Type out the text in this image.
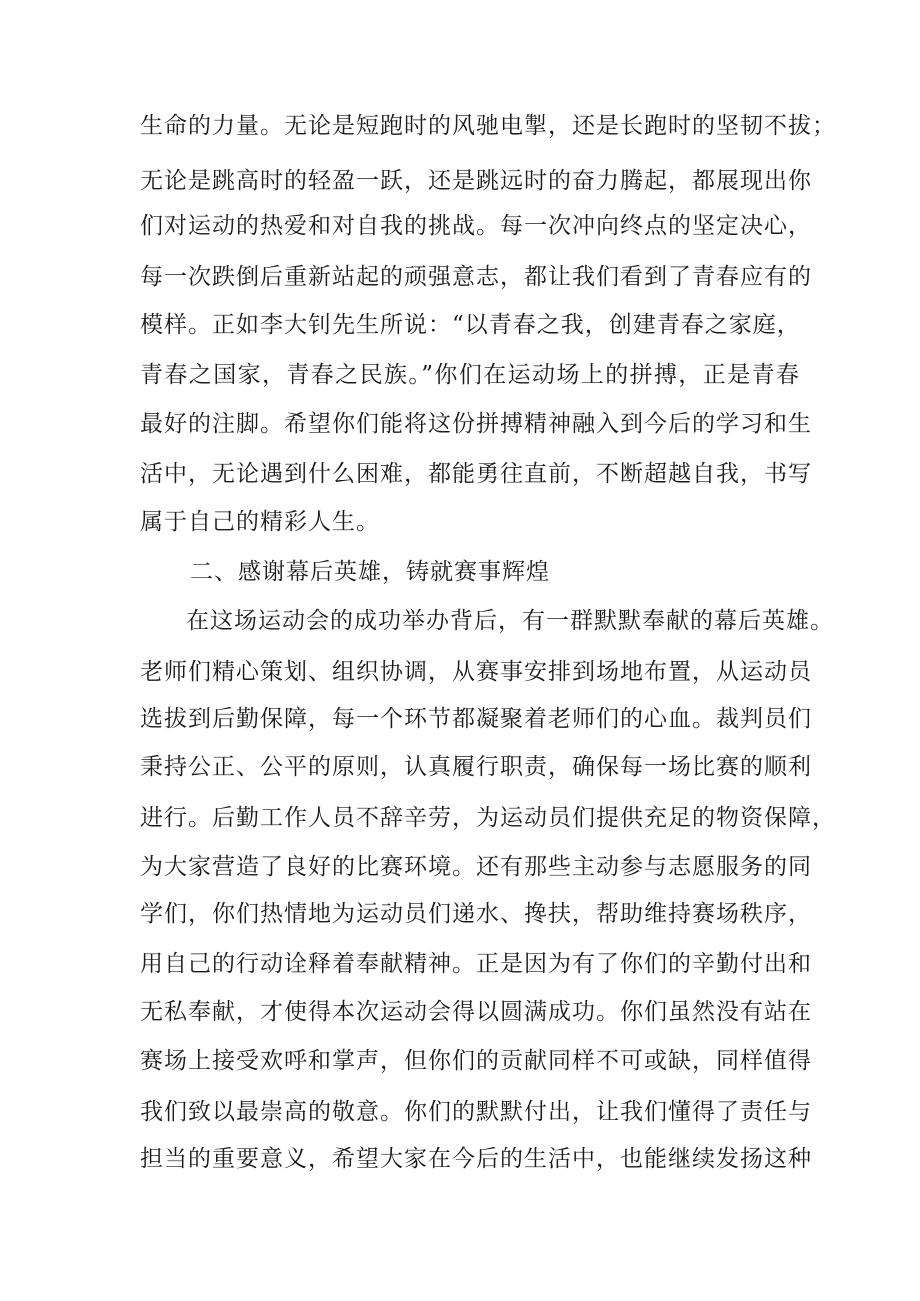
生命的力量。无论是短跑时的风驰电掣，还是长跑时的坚韧不拔；
无论是跳高时的轻盈一跃，还是跳远时的奋力腾起，都展现出你
们对运动的热爱和对自我的挑战。每一次冲向终点的坚定决心，
每一次跌倒后重新站起的顽强意志，都让我们看到了青春应有的
模样。正如李大钊先生所说：“以青春之我，创建青春之家庭，
青春之国家，青春之民族。”你们在运动场上的拼搏，正是青春
最好的注脚。希望你们能将这份拼搏精神融入到今后的学习和生
活中，无论遇到什么困难，都能勇往直前，不断超越自我，书写
属于自己的精彩人生。
二、感谢幕后英雄，铸就赛事辉煌
在这场运动会的成功举办背后，有一群默默奉献的幕后英雄。
老师们精心策划、组织协调，从赛事安排到场地布置，从运动员
选拔到后勤保障，每一个环节都凝聚着老师们的心血。裁判员们
秉持公正、公平的原则，认真履行职责，确保每一场比赛的顺利
进行。后勤工作人员不辞辛劳，为运动员们提供充足的物资保障，
为大家营造了良好的比赛环境。还有那些主动参与志愿服务的同
学们，你们热情地为运动员们递水、搀扶，帮助维持赛场秩序，
用自己的行动诠释着奉献精神。正是因为有了你们的辛勤付出和
无私奉献，才使得本次运动会得以圆满成功。你们虽然没有站在
赛场上接受欢呼和掌声，但你们的贡献同样不可或缺，同样值得
我们致以最崇高的敬意。你们的默默付出，让我们懂得了责任与
担当的重要意义，希望大家在今后的生活中，也能继续发扬这种
